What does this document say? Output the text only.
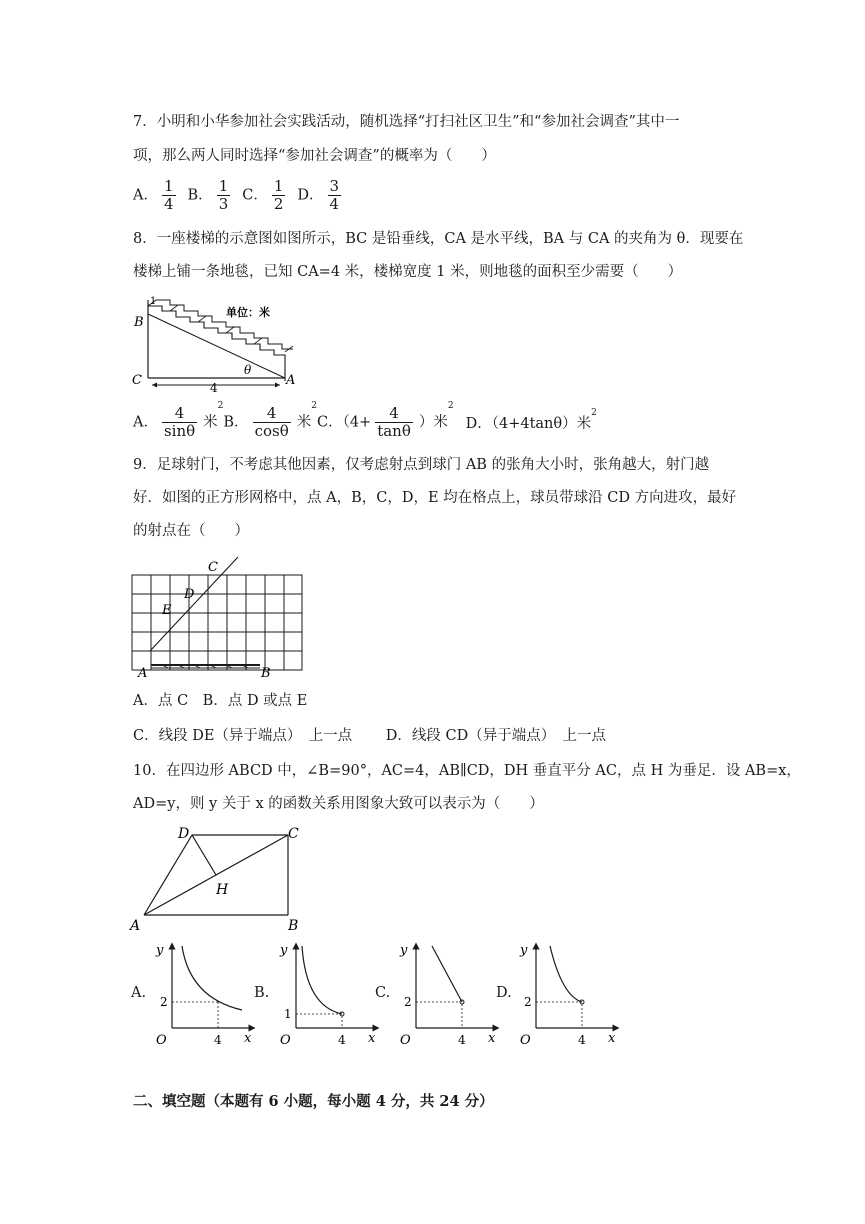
7．小明和小华参加社会实践活动，随机选择“打扫社区卫生”和“参加社会调查”其中一
项，那么两人同时选择“参加社会调查”的概率为（　　）
A． $\frac{1}{4}$ B． $\frac{1}{3}$ C． $\frac{1}{2}$ D． $\frac{3}{4}$
8．一座楼梯的示意图如图所示，BC 是铅垂线，CA 是水平线，BA 与 CA 的夹角为 θ．现要在
楼梯上铺一条地毯，已知 CA=4 米，楼梯宽度 1 米，则地毯的面积至少需要（　　）
1
B
C	A
单位：米
4
θ
A． $\frac{4}{\sin\theta}$ 米$^2$
B． $\frac{4}{\cos\theta}$ 米$^2$
C．（$4+ \frac{4}{\tan\theta}$ ）米$^2$
D．（4+4tanθ）米$^2$
9．足球射门，不考虑其他因素，仅考虑射点到球门 AB 的张角大小时，张角越大，射门越
好．如图的正方形网格中，点 A，B，C，D，E 均在格点上，球员带球沿 CD 方向进攻，最好
的射点在（　　）
C
D
E
A	B
A．点 C　B．点 D 或点 E
C．线段 DE（异于端点）　上一点　　 D．线段 CD（异于端点）　上一点
10．在四边形 ABCD 中，∠B=90°，AC=4，AB∥CD，DH 垂直平分 AC，点 H 为垂足．设 AB=x，
AD=y，则 y 关于 x 的函数关系用图象大致可以表示为（　　）
D	C
H
A	B
A.
y
x
O
2
4
B.
y
x
O
1
4
C.
y
x
O
2
4
D.
y
x
O
2
4
二、填空题（本题有 6 小题，每小题 4 分，共 24 分）
